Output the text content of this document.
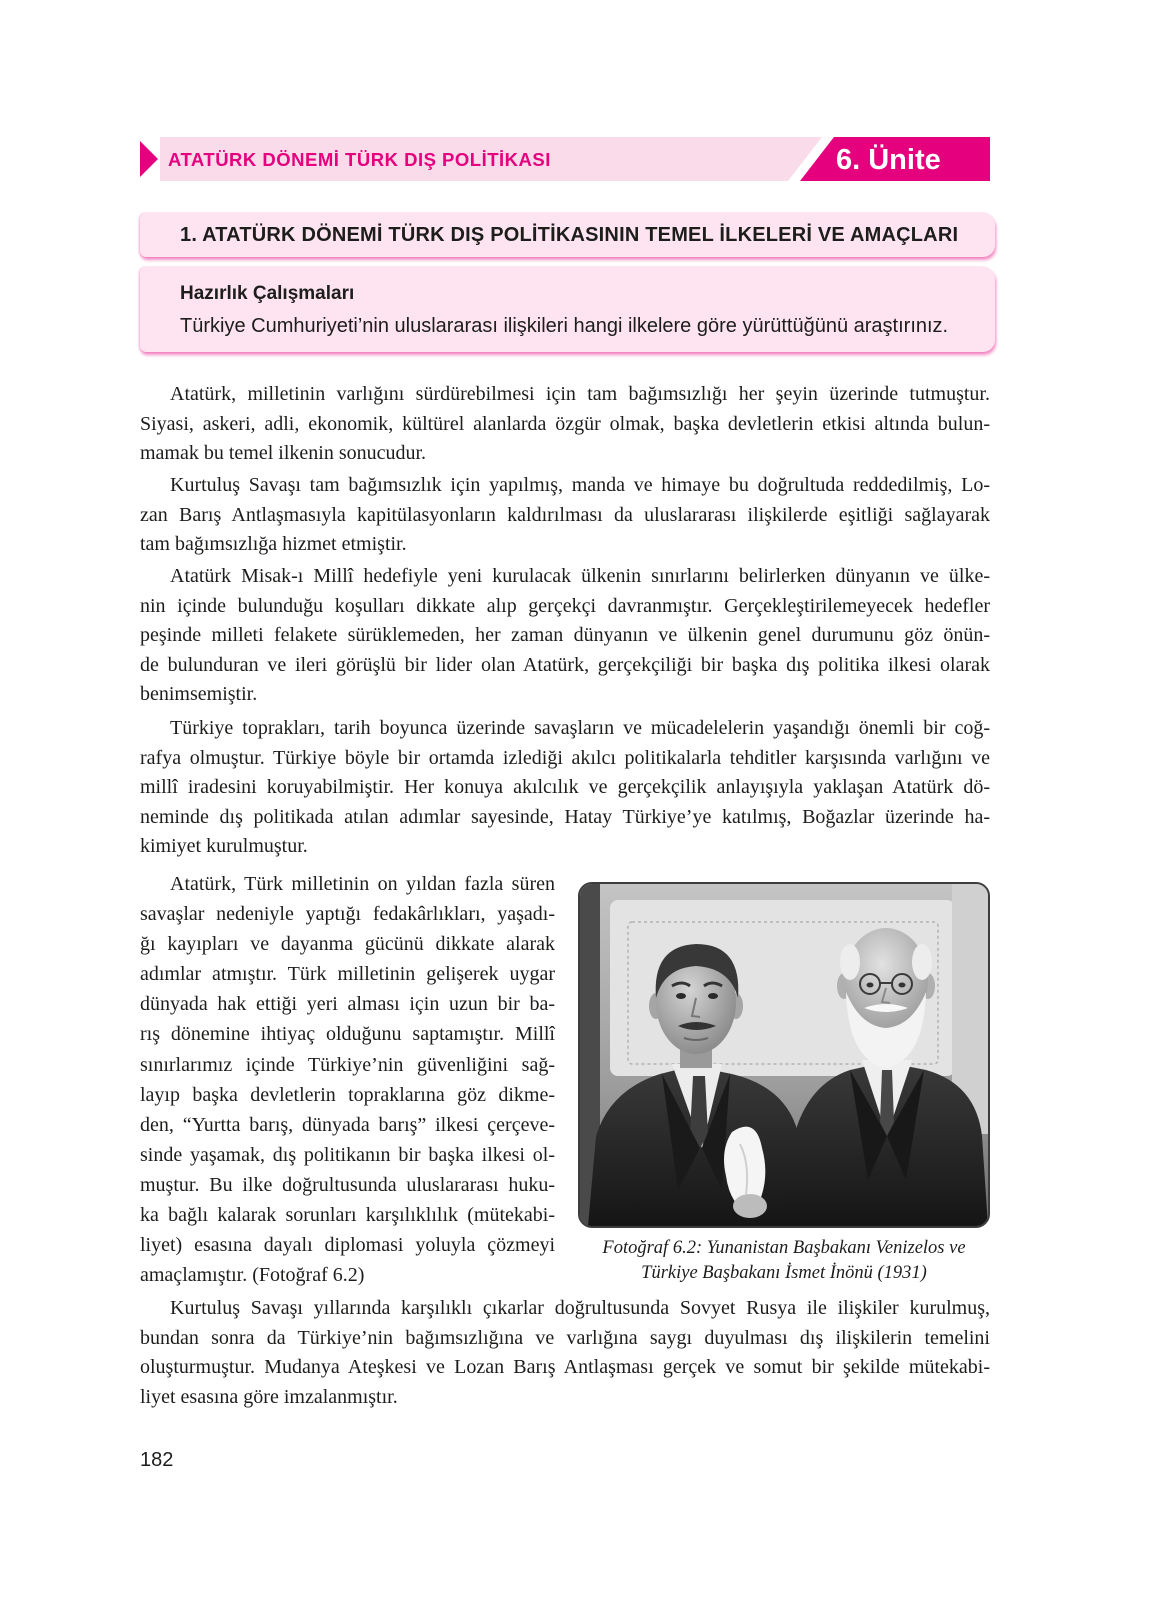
ATATÜRK DÖNEMİ TÜRK DIŞ POLİTİKASI	6. Ünite
1. ATATÜRK DÖNEMİ TÜRK DIŞ POLİTİKASININ TEMEL İLKELERİ VE AMAÇLARI
Hazırlık Çalışmaları
Türkiye Cumhuriyeti’nin uluslararası ilişkileri hangi ilkelere göre yürüttüğünü araştırınız.
Atatürk, milletinin varlığını sürdürebilmesi için tam bağımsızlığı her şeyin üzerinde tutmuştur.
Siyasi, askeri, adli, ekonomik, kültürel alanlarda özgür olmak, başka devletlerin etkisi altında bulun-
mamak bu temel ilkenin sonucudur.
Kurtuluş Savaşı tam bağımsızlık için yapılmış, manda ve himaye bu doğrultuda reddedilmiş, Lo-
zan Barış Antlaşmasıyla kapitülasyonların kaldırılması da uluslararası ilişkilerde eşitliği sağlayarak
tam bağımsızlığa hizmet etmiştir.
Atatürk Misak-ı Millî hedefiyle yeni kurulacak ülkenin sınırlarını belirlerken dünyanın ve ülke-
nin içinde bulunduğu koşulları dikkate alıp gerçekçi davranmıştır. Gerçekleştirilemeyecek hedefler
peşinde milleti felakete sürüklemeden, her zaman dünyanın ve ülkenin genel durumunu göz önün-
de bulunduran ve ileri görüşlü bir lider olan Atatürk, gerçekçiliği bir başka dış politika ilkesi olarak
benimsemiştir.
Türkiye toprakları, tarih boyunca üzerinde savaşların ve mücadelelerin yaşandığı önemli bir coğ-
rafya olmuştur. Türkiye böyle bir ortamda izlediği akılcı politikalarla tehditler karşısında varlığını ve
millî iradesini koruyabilmiştir. Her konuya akılcılık ve gerçekçilik anlayışıyla yaklaşan Atatürk dö-
neminde dış politikada atılan adımlar sayesinde, Hatay Türkiye’ye katılmış, Boğazlar üzerinde ha-
kimiyet kurulmuştur.
Atatürk, Türk milletinin on yıldan fazla süren
savaşlar nedeniyle yaptığı fedakârlıkları, yaşadı-
ğı kayıpları ve dayanma gücünü dikkate alarak
adımlar atmıştır. Türk milletinin gelişerek uygar
dünyada hak ettiği yeri alması için uzun bir ba-
rış dönemine ihtiyaç olduğunu saptamıştır. Millî
sınırlarımız içinde Türkiye’nin güvenliğini sağ-
layıp başka devletlerin topraklarına göz dikme-
den, “Yurtta barış, dünyada barış” ilkesi çerçeve-
sinde yaşamak, dış politikanın bir başka ilkesi ol-
muştur. Bu ilke doğrultusunda uluslararası huku-
ka bağlı kalarak sorunları karşılıklılık (mütekabi-
liyet) esasına dayalı diplomasi yoluyla çözmeyi
amaçlamıştır. (Fotoğraf 6.2)
Fotoğraf 6.2: Yunanistan Başbakanı Venizelos ve
Türkiye Başbakanı İsmet İnönü (1931)
Kurtuluş Savaşı yıllarında karşılıklı çıkarlar doğrultusunda Sovyet Rusya ile ilişkiler kurulmuş,
bundan sonra da Türkiye’nin bağımsızlığına ve varlığına saygı duyulması dış ilişkilerin temelini
oluşturmuştur. Mudanya Ateşkesi ve Lozan Barış Antlaşması gerçek ve somut bir şekilde mütekabi-
liyet esasına göre imzalanmıştır.
182
